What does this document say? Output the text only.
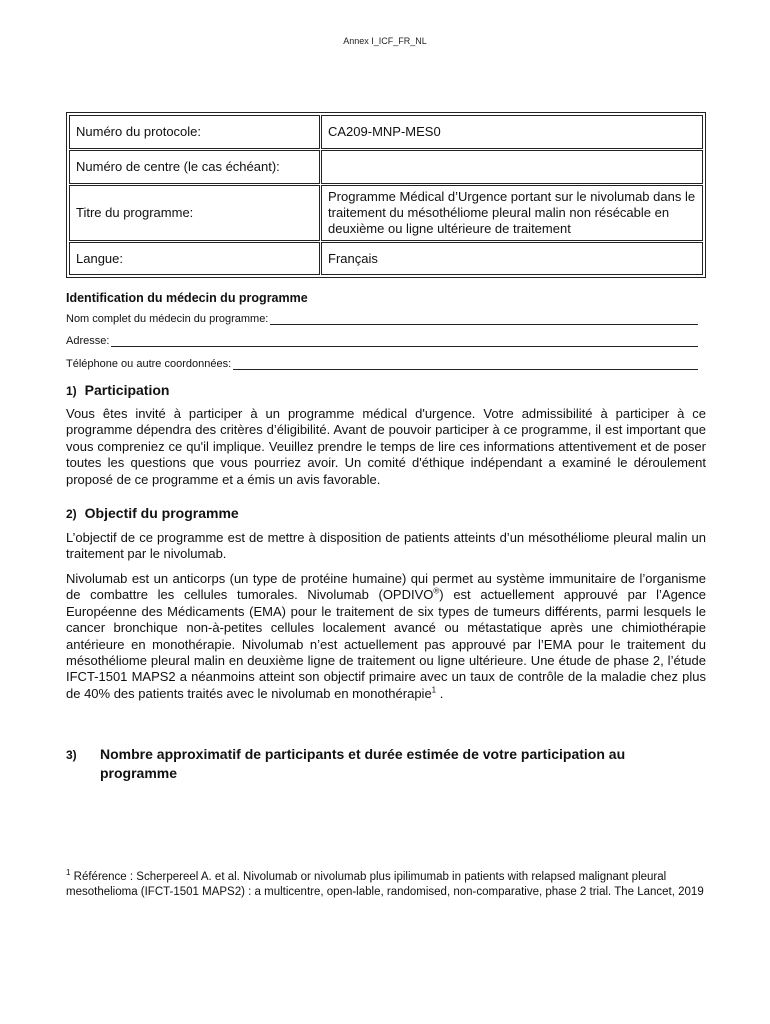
Annex I_ICF_FR_NL
Numéro du protocole:	CA209-MNP-MES0
Numéro de centre (le cas échéant):	
Titre du programme:	Programme Médical d’Urgence portant sur le nivolumab dans le traitement du mésothéliome pleural malin non résécable en deuxième ou ligne ultérieure de traitement
Langue:	Français
Identification du médecin du programme
Nom complet du médecin du programme:
Adresse:
Téléphone ou autre coordonnées:
1) Participation
Vous êtes invité à participer à un programme médical d'urgence. Votre admissibilité à participer à ce programme dépendra des critères d’éligibilité. Avant de pouvoir participer à ce programme, il est important que vous compreniez ce qu'il implique. Veuillez prendre le temps de lire ces informations attentivement et de poser toutes les questions que vous pourriez avoir. Un comité d'éthique indépendant a examiné le déroulement proposé de ce programme et a émis un avis favorable.
2) Objectif du programme
L’objectif de ce programme est de mettre à disposition de patients atteints d’un mésothéliome pleural malin un traitement par le nivolumab.
Nivolumab est un anticorps (un type de protéine humaine) qui permet au système immunitaire de l’organisme de combattre les cellules tumorales. Nivolumab (OPDIVO®) est actuellement approuvé par l’Agence Européenne des Médicaments (EMA) pour le traitement de six types de tumeurs différents, parmi lesquels le cancer bronchique non-à-petites cellules localement avancé ou métastatique après une chimiothérapie antérieure en monothérapie. Nivolumab n’est actuellement pas approuvé par l’EMA pour le traitement du mésothéliome pleural malin en deuxième ligne de traitement ou ligne ultérieure. Une étude de phase 2, l’étude IFCT-1501 MAPS2 a néanmoins atteint son objectif primaire avec un taux de contrôle de la maladie chez plus de 40% des patients traités avec le nivolumab en monothérapie$^1$ .
3)	Nombre approximatif de participants et durée estimée de votre participation au programme
$^1$ Référence : Scherpereel A. et al. Nivolumab or nivolumab plus ipilimumab in patients with relapsed malignant pleural mesothelioma (IFCT-1501 MAPS2) : a multicentre, open-lable, randomised, non-comparative, phase 2 trial. The Lancet, 2019
